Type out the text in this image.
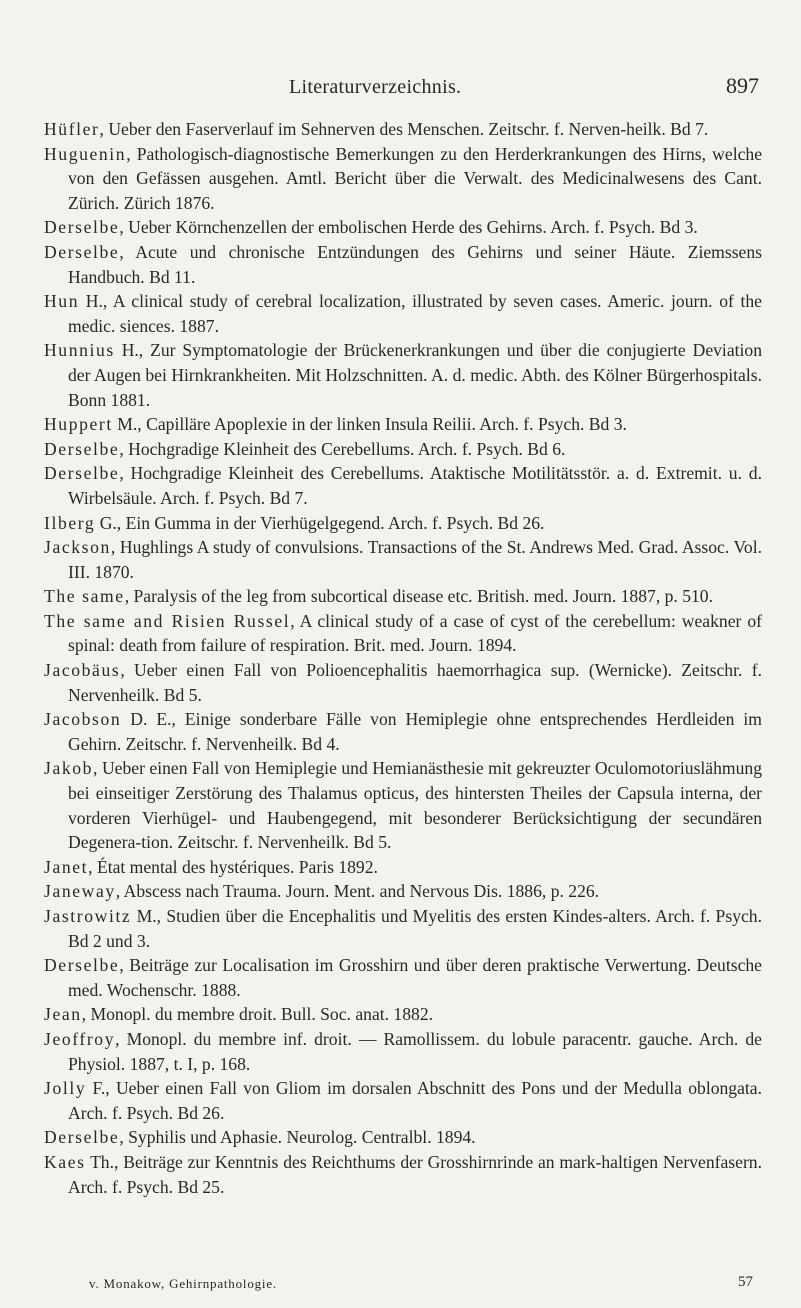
Literaturverzeichnis.	897

Hüfler, Ueber den Faserverlauf im Sehnerven des Menschen. Zeitschr. f. Nerven-heilk. Bd 7.

Huguenin, Pathologisch-diagnostische Bemerkungen zu den Herderkrankungen des Hirns, welche von den Gefässen ausgehen. Amtl. Bericht über die Verwalt. des Medicinalwesens des Cant. Zürich. Zürich 1876.

Derselbe, Ueber Körnchenzellen der embolischen Herde des Gehirns. Arch. f. Psych. Bd 3.

Derselbe, Acute und chronische Entzündungen des Gehirns und seiner Häute. Ziemssens Handbuch. Bd 11.

Hun H., A clinical study of cerebral localization, illustrated by seven cases. Americ. journ. of the medic. siences. 1887.

Hunnius H., Zur Symptomatologie der Brückenerkrankungen und über die conjugierte Deviation der Augen bei Hirnkrankheiten. Mit Holzschnitten. A. d. medic. Abth. des Kölner Bürgerhospitals. Bonn 1881.

Huppert M., Capilläre Apoplexie in der linken Insula Reilii. Arch. f. Psych. Bd 3.

Derselbe, Hochgradige Kleinheit des Cerebellums. Arch. f. Psych. Bd 6.

Derselbe, Hochgradige Kleinheit des Cerebellums. Ataktische Motilitätsstör. a. d. Extremit. u. d. Wirbelsäule. Arch. f. Psych. Bd 7.

Ilberg G., Ein Gumma in der Vierhügelgegend. Arch. f. Psych. Bd 26.

Jackson, Hughlings A study of convulsions. Transactions of the St. Andrews Med. Grad. Assoc. Vol. III. 1870.

The same, Paralysis of the leg from subcortical disease etc. British. med. Journ. 1887, p. 510.

The same and Risien Russel, A clinical study of a case of cyst of the cerebellum: weakner of spinal: death from failure of respiration. Brit. med. Journ. 1894.

Jacobäus, Ueber einen Fall von Polioencephalitis haemorrhagica sup. (Wernicke). Zeitschr. f. Nervenheilk. Bd 5.

Jacobson D. E., Einige sonderbare Fälle von Hemiplegie ohne entsprechendes Herdleiden im Gehirn. Zeitschr. f. Nervenheilk. Bd 4.

Jakob, Ueber einen Fall von Hemiplegie und Hemianästhesie mit gekreuzter Oculomotoriuslähmung bei einseitiger Zerstörung des Thalamus opticus, des hintersten Theiles der Capsula interna, der vorderen Vierhügel- und Haubengegend, mit besonderer Berücksichtigung der secundären Degenera-tion. Zeitschr. f. Nervenheilk. Bd 5.

Janet, État mental des hystériques. Paris 1892.

Janeway, Abscess nach Trauma. Journ. Ment. and Nervous Dis. 1886, p. 226.

Jastrowitz M., Studien über die Encephalitis und Myelitis des ersten Kindes-alters. Arch. f. Psych. Bd 2 und 3.

Derselbe, Beiträge zur Localisation im Grosshirn und über deren praktische Verwertung. Deutsche med. Wochenschr. 1888.

Jean, Monopl. du membre droit. Bull. Soc. anat. 1882.

Jeoffroy, Monopl. du membre inf. droit. — Ramollissem. du lobule paracentr. gauche. Arch. de Physiol. 1887, t. I, p. 168.

Jolly F., Ueber einen Fall von Gliom im dorsalen Abschnitt des Pons und der Medulla oblongata. Arch. f. Psych. Bd 26.

Derselbe, Syphilis und Aphasie. Neurolog. Centralbl. 1894.

Kaes Th., Beiträge zur Kenntnis des Reichthums der Grosshirnrinde an mark-haltigen Nervenfasern. Arch. f. Psych. Bd 25.

v. Monakow, Gehirnpathologie.	57
